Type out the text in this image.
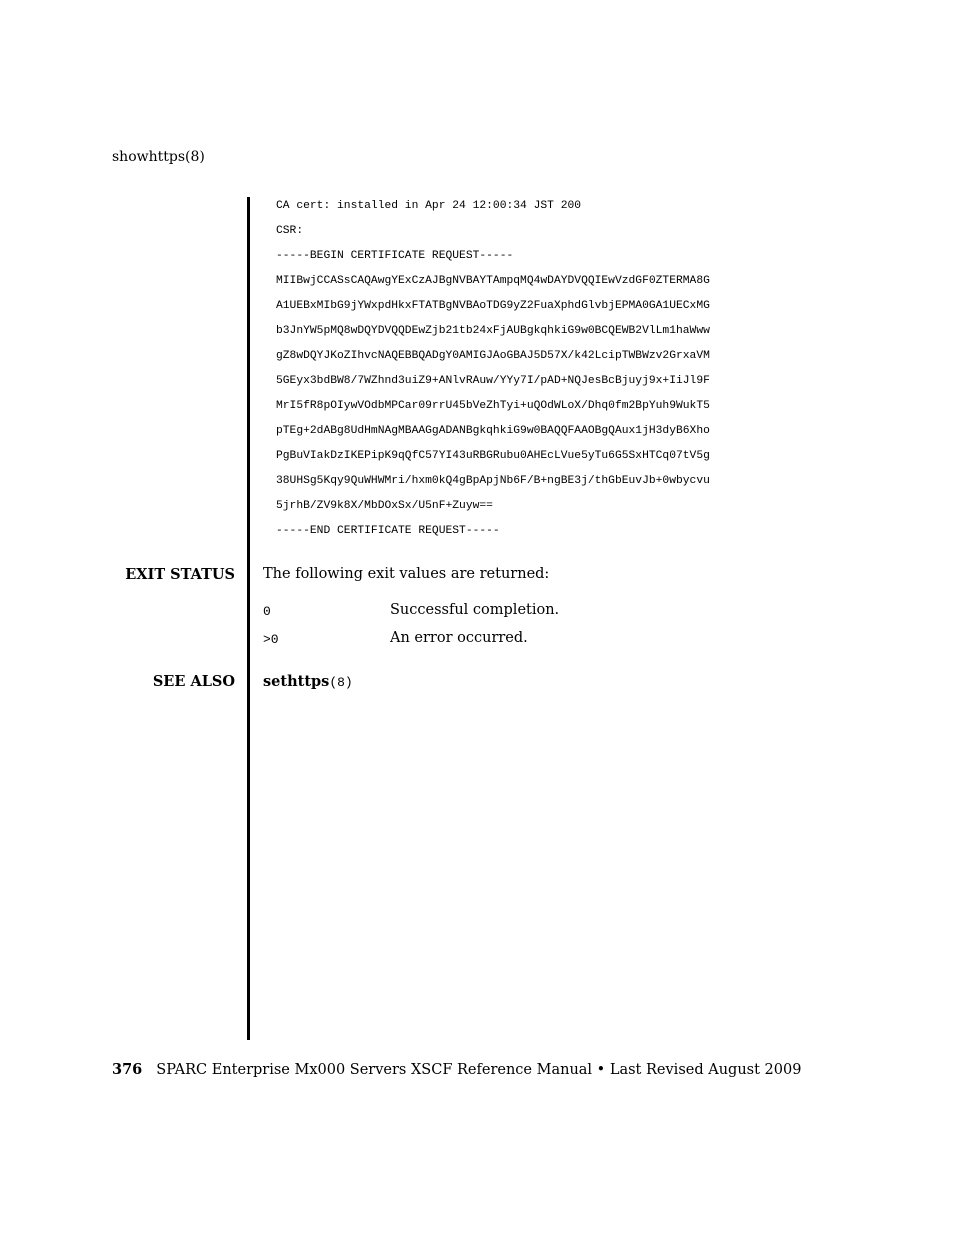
showhttps(8)
CA cert: installed in Apr 24 12:00:34 JST 200
CSR:
-----BEGIN CERTIFICATE REQUEST-----
MIIBwjCCASsCAQAwgYExCzAJBgNVBAYTAmpqMQ4wDAYDVQQIEwVzdGF0ZTERMA8G
A1UEBxMIbG9jYWxpdHkxFTATBgNVBAoTDG9yZ2FuaXphdGlvbjEPMA0GA1UECxMG
b3JnYW5pMQ8wDQYDVQQDEwZjb21tb24xFjAUBgkqhkiG9w0BCQEWB2VlLm1haWww
gZ8wDQYJKoZIhvcNAQEBBQADgY0AMIGJAoGBAJ5D57X/k42LcipTWBWzv2GrxaVM
5GEyx3bdBW8/7WZhnd3uiZ9+ANlvRAuw/YYy7I/pAD+NQJesBcBjuyj9x+IiJl9F
MrI5fR8pOIywVOdbMPCar09rrU45bVeZhTyi+uQOdWLoX/Dhq0fm2BpYuh9WukT5
pTEg+2dABg8UdHmNAgMBAAGgADANBgkqhkiG9w0BAQQFAAOBgQAux1jH3dyB6Xho
PgBuVIakDzIKEPipK9qQfC57YI43uRBGRubu0AHEcLVue5yTu6G5SxHTCq07tV5g
38UHSg5Kqy9QuWHWMri/hxm0kQ4gBpApjNb6F/B+ngBE3j/thGbEuvJb+0wbycvu
5jrhB/ZV9k8X/MbDOxSx/U5nF+Zuyw==
-----END CERTIFICATE REQUEST-----
EXIT STATUS The following exit values are returned:
0	Successful completion.
>0	An error occurred.
SEE ALSO sethttps(8)
376 SPARC Enterprise Mx000 Servers XSCF Reference Manual • Last Revised August 2009
